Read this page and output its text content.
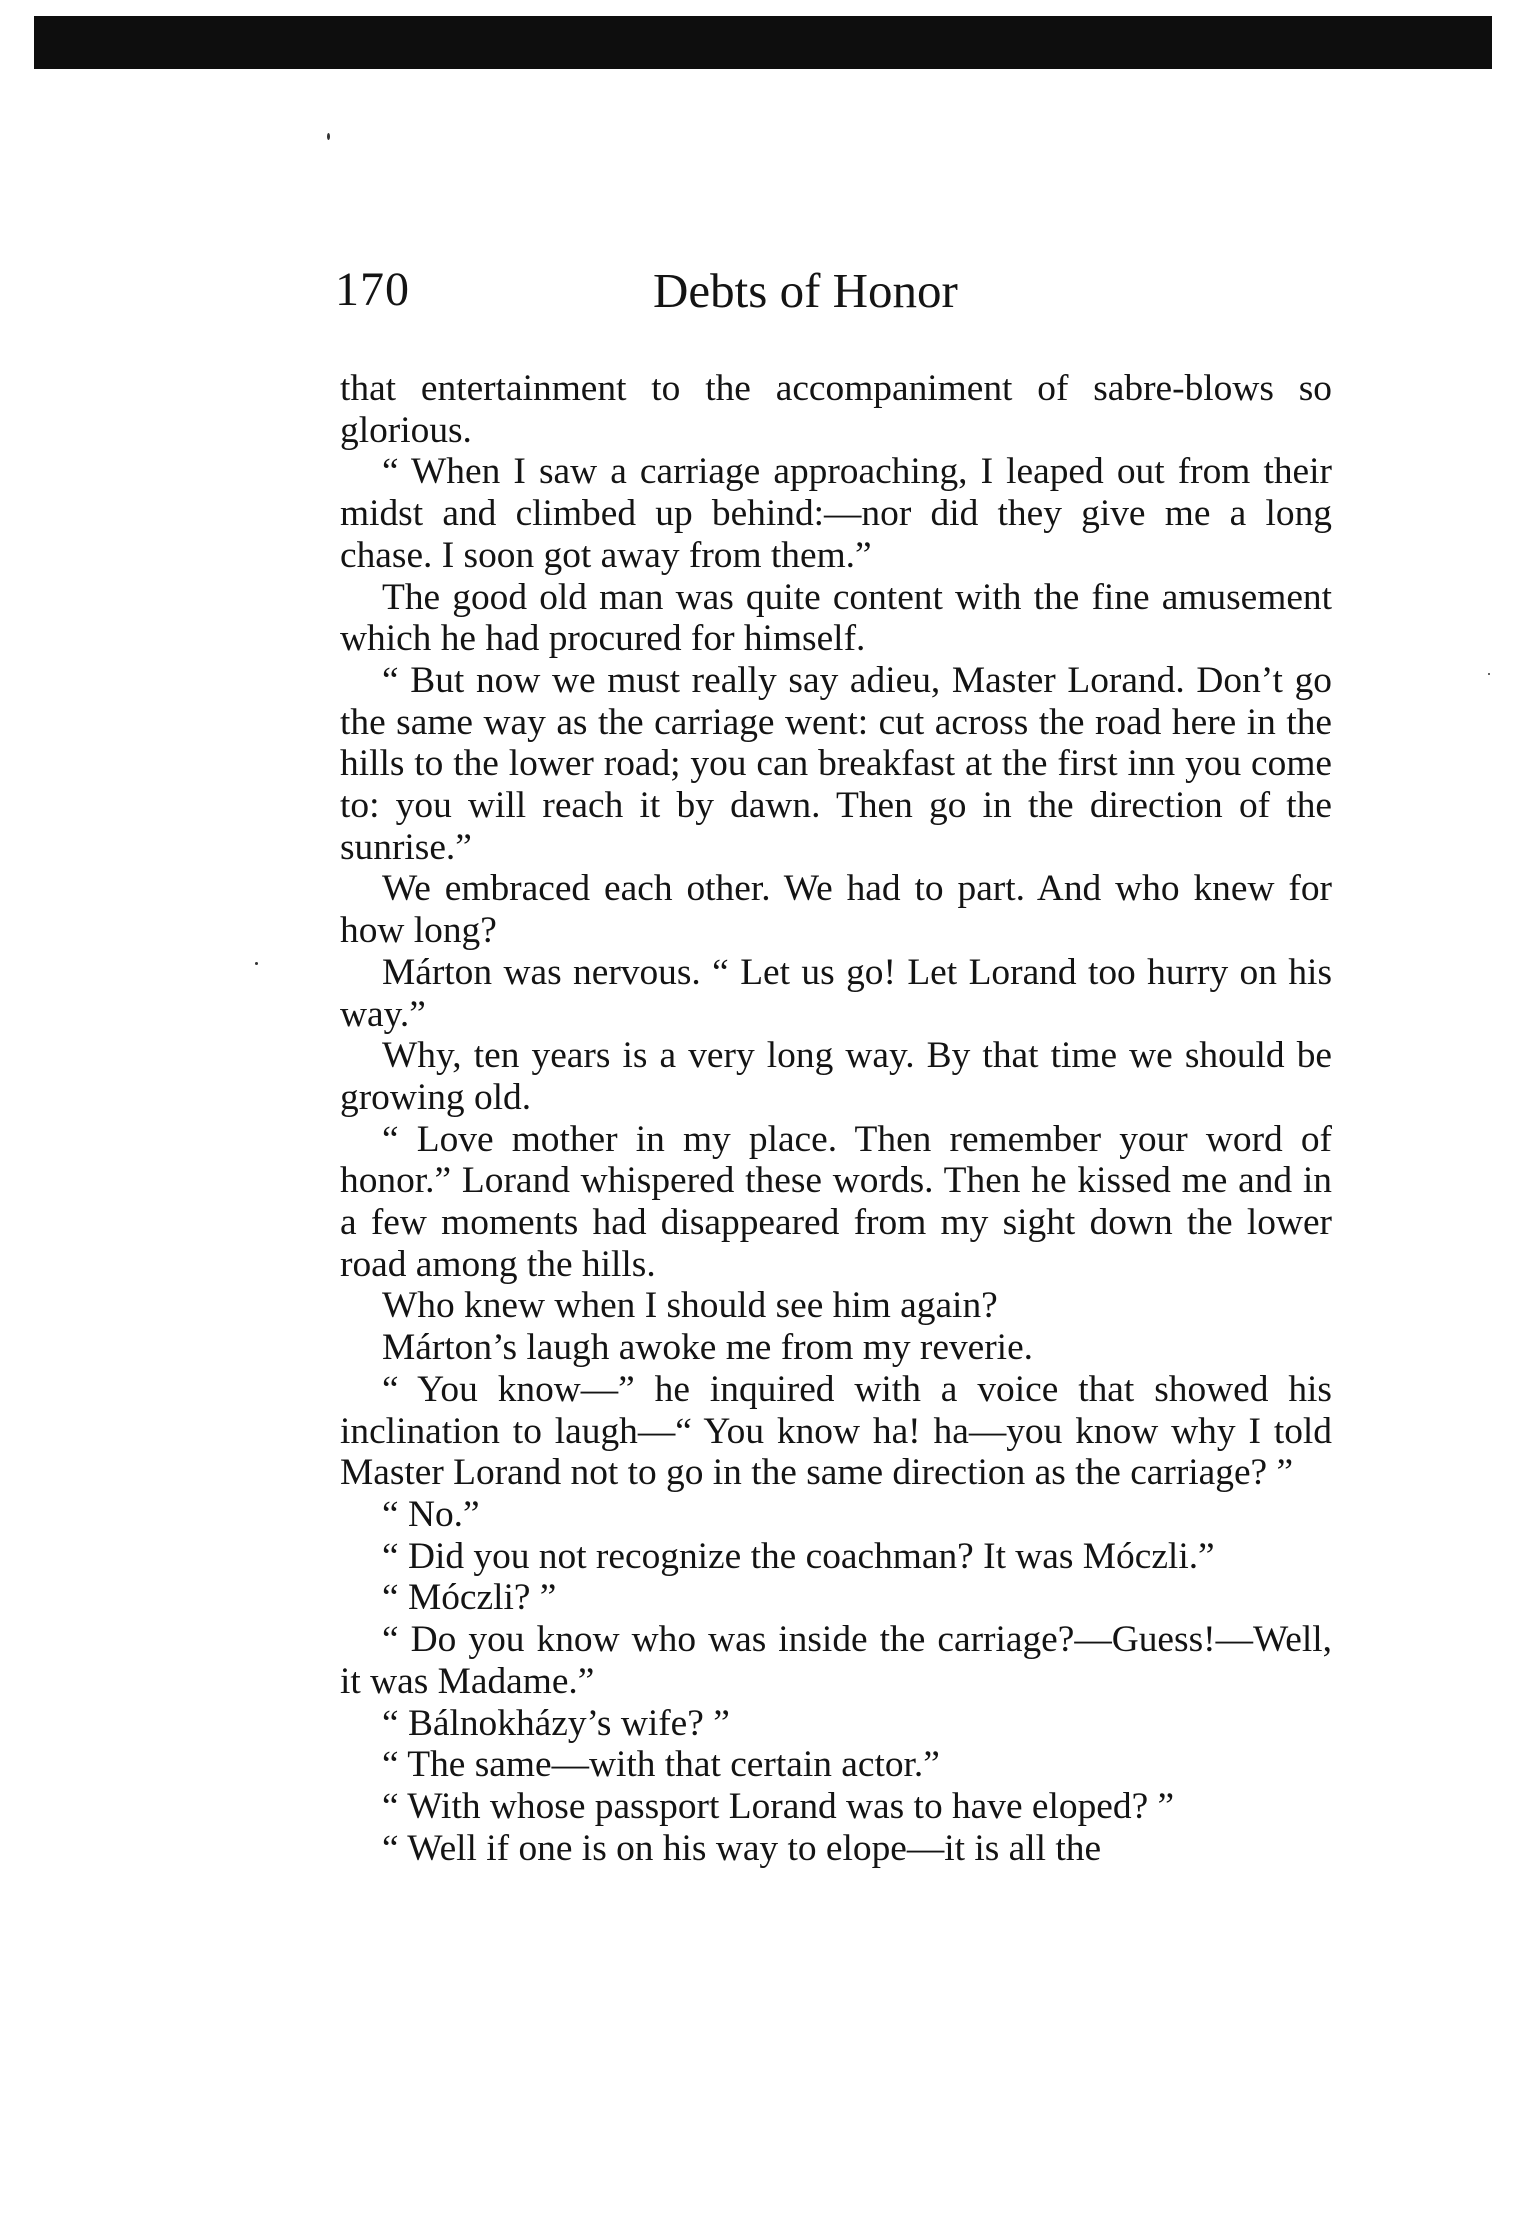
170	Debts of Honor

that entertainment to the accompaniment of sabre-blows so glorious.

“ When I saw a carriage approaching, I leaped out from their midst and climbed up behind:—nor did they give me a long chase. I soon got away from them.”

The good old man was quite content with the fine amusement which he had procured for himself.

“ But now we must really say adieu, Master Lorand. Don’t go the same way as the carriage went: cut across the road here in the hills to the lower road; you can breakfast at the first inn you come to: you will reach it by dawn. Then go in the direction of the sunrise.”

We embraced each other. We had to part. And who knew for how long?

Márton was nervous. “ Let us go! Let Lorand too hurry on his way.”

Why, ten years is a very long way. By that time we should be growing old.

“ Love mother in my place. Then remember your word of honor.” Lorand whispered these words. Then he kissed me and in a few moments had disappeared from my sight down the lower road among the hills.

Who knew when I should see him again?

Márton’s laugh awoke me from my reverie.

“ You know—” he inquired with a voice that showed his inclination to laugh—“ You know ha! ha—you know why I told Master Lorand not to go in the same direction as the carriage? ”

“ No.”

“ Did you not recognize the coachman? It was Móczli.”

“ Móczli? ”

“ Do you know who was inside the carriage?—Guess!—Well, it was Madame.”

“ Bálnokházy’s wife? ”

“ The same—with that certain actor.”

“ With whose passport Lorand was to have eloped? ”

“ Well if one is on his way to elope—it is all the
